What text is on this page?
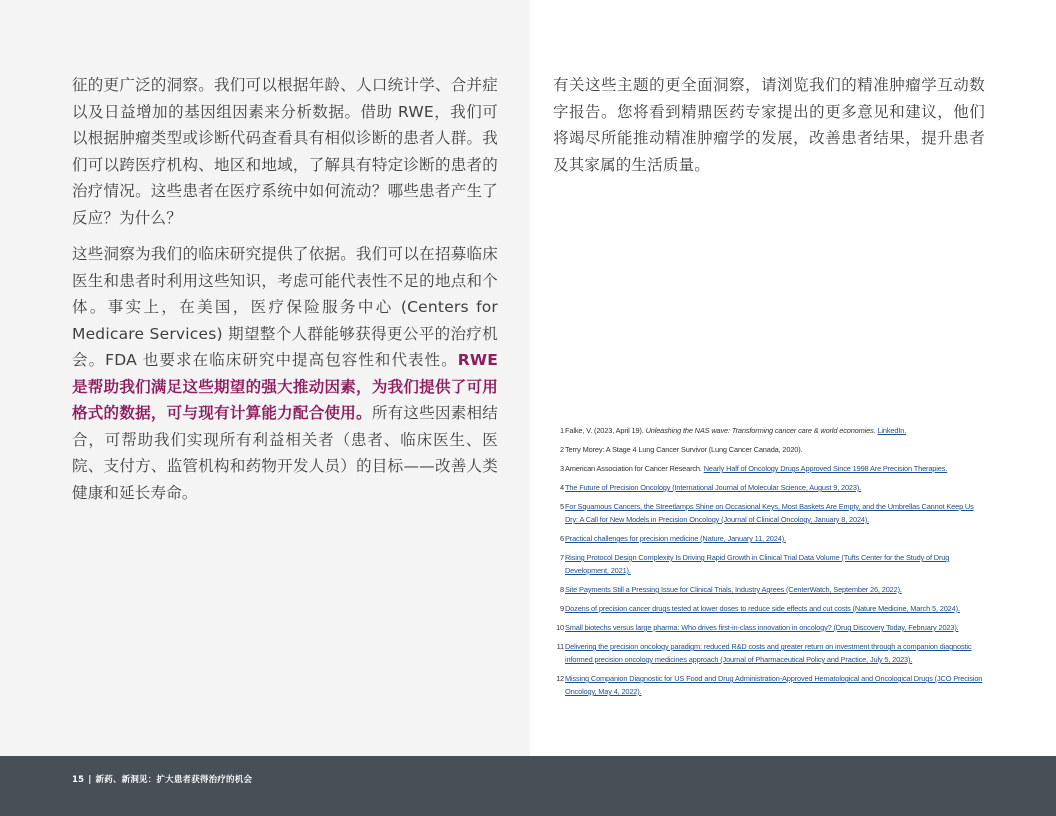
征的更广泛的洞察。我们可以根据年龄、人口统计学、合并症以及日益增加的基因组因素来分析数据。借助 RWE，我们可以根据肿瘤类型或诊断代码查看具有相似诊断的患者人群。我们可以跨医疗机构、地区和地域，了解具有特定诊断的患者的治疗情况。这些患者在医疗系统中如何流动？哪些患者产生了反应？为什么？

这些洞察为我们的临床研究提供了依据。我们可以在招募临床医生和患者时利用这些知识，考虑可能代表性不足的地点和个体。事实上，在美国，医疗保险服务中心 (Centers for Medicare Services) 期望整个人群能够获得更公平的治疗机会。FDA 也要求在临床研究中提高包容性和代表性。RWE 是帮助我们满足这些期望的强大推动因素，为我们提供了可用格式的数据，可与现有计算能力配合使用。所有这些因素相结合，可帮助我们实现所有利益相关者（患者、临床医生、医院、支付方、监管机构和药物开发人员）的目标——改善人类健康和延长寿命。

有关这些主题的更全面洞察，请浏览我们的精准肿瘤学互动数字报告。您将看到精鼎医药专家提出的更多意见和建议，他们将竭尽所能推动精准肿瘤学的发展，改善患者结果，提升患者及其家属的生活质量。

1 Falke, V. (2023, April 19). Unleashing the NAS wave: Transforming cancer care & world economies. LinkedIn.
2 Terry Morey: A Stage 4 Lung Cancer Survivor (Lung Cancer Canada, 2020).
3 American Association for Cancer Research. Nearly Half of Oncology Drugs Approved Since 1998 Are Precision Therapies.
4 The Future of Precision Oncology (International Journal of Molecular Science, August 9, 2023).
5 For Squamous Cancers, the Streetlamps Shine on Occasional Keys, Most Baskets Are Empty, and the Umbrellas Cannot Keep Us Dry: A Call for New Models in Precision Oncology (Journal of Clinical Oncology, January 8, 2024).
6 Practical challenges for precision medicine (Nature, January 11, 2024).
7 Rising Protocol Design Complexity Is Driving Rapid Growth in Clinical Trial Data Volume (Tufts Center for the Study of Drug Development, 2021).
8 Site Payments Still a Pressing Issue for Clinical Trials, Industry Agrees (CenterWatch, September 26, 2022).
9 Dozens of precision cancer drugs tested at lower doses to reduce side effects and cut costs (Nature Medicine, March 5, 2024).
10 Small biotechs versus large pharma: Who drives first-in-class innovation in oncology? (Drug Discovery Today, February 2023).
11 Delivering the precision oncology paradigm: reduced R&D costs and greater return on investment through a companion diagnostic informed precision oncology medicines approach (Journal of Pharmaceutical Policy and Practice, July 5, 2023).
12 Missing Companion Diagnostic for US Food and Drug Administration-Approved Hematological and Oncological Drugs (JCO Precision Oncology, May 4, 2022).
15 | 新药、新洞见：扩大患者获得治疗的机会
